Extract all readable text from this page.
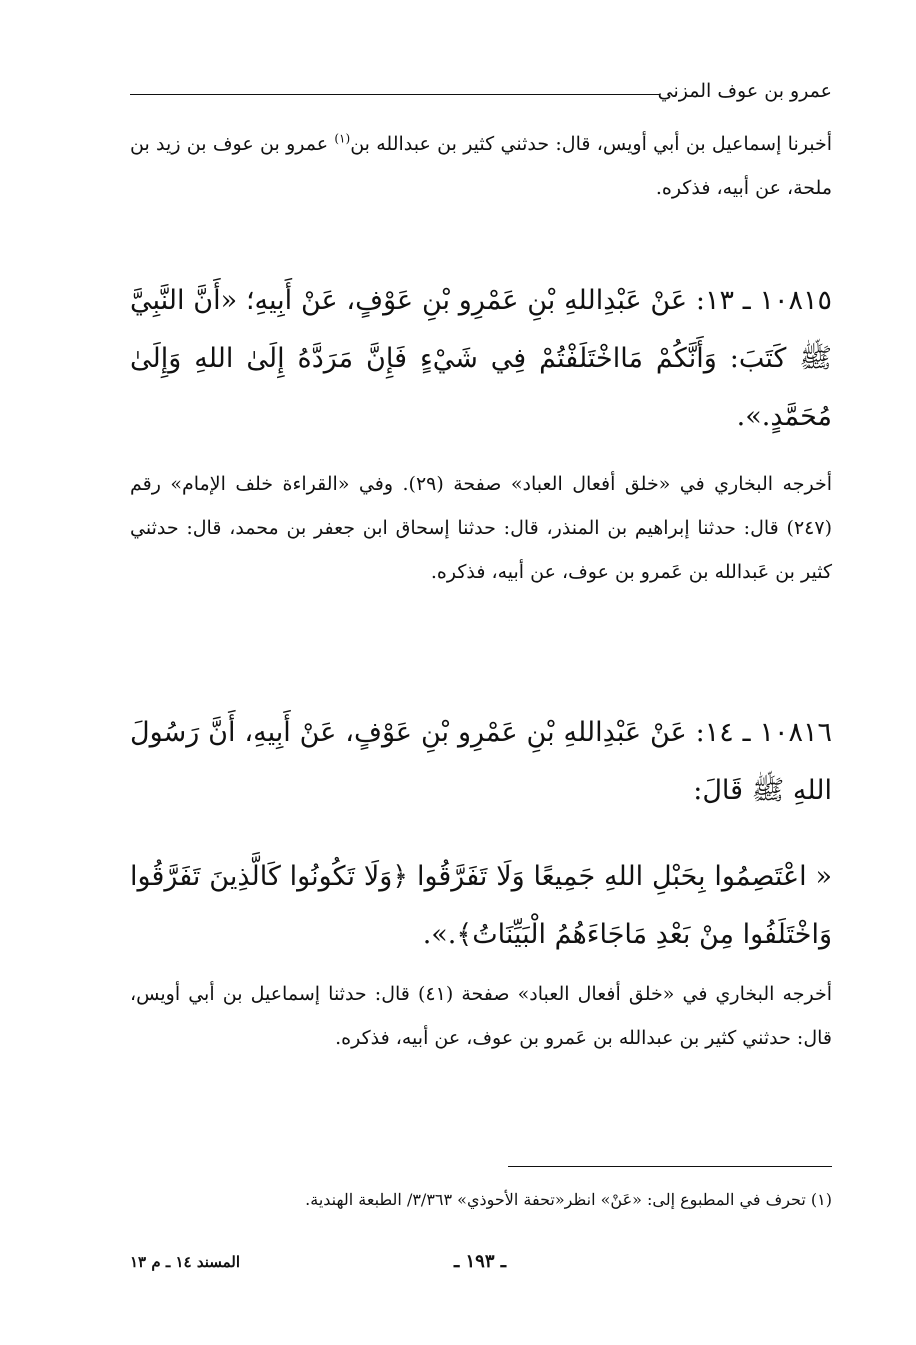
عمرو بن عوف المزني
أخبرنا إسماعيل بن أبي أويس، قال: حدثني كثير بن عبدالله بن$^{(١)}$ عمرو بن عوف بن زيد بن ملحة، عن أبيه، فذكره.
١٠٨١٥ ـ ١٣: عَنْ عَبْدِاللهِ بْنِ عَمْرِو بْنِ عَوْفٍ، عَنْ أَبِيهِ؛ «أَنَّ النَّبِيَّ ﷺ كَتَبَ: وَأَنَّكُمْ مَااخْتَلَفْتُمْ فِي شَيْءٍ فَإِنَّ مَرَدَّهُ إِلَىٰ اللهِ وَإِلَىٰ مُحَمَّدٍ.».
أخرجه البخاري في «خلق أفعال العباد» صفحة (٢٩). وفي «القراءة خلف الإمام» رقم (٢٤٧) قال: حدثنا إبراهيم بن المنذر، قال: حدثنا إسحاق ابن جعفر بن محمد، قال: حدثني كثير بن عَبدالله بن عَمرو بن عوف، عن أبيه، فذكره.
١٠٨١٦ ـ ١٤: عَنْ عَبْدِاللهِ بْنِ عَمْرِو بْنِ عَوْفٍ، عَنْ أَبِيهِ، أَنَّ رَسُولَ اللهِ ﷺ قَالَ:
« اعْتَصِمُوا بِحَبْلِ اللهِ جَمِيعًا وَلَا تَفَرَّقُوا ﴿وَلَا تَكُونُوا كَالَّذِينَ تَفَرَّقُوا وَاخْتَلَفُوا مِنْ بَعْدِ مَاجَاءَهُمُ الْبَيِّنَاتُ﴾.».
أخرجه البخاري في «خلق أفعال العباد» صفحة (٤١) قال: حدثنا إسماعيل بن أبي أويس، قال: حدثني كثير بن عبدالله بن عَمرو بن عوف، عن أبيه، فذكره.
(١) تحرف في المطبوع إلى: «عَنْ» انظر«تحفة الأحوذي» ٣/٣٦٣/ الطبعة الهندية.
ـ ١٩٣ ـ
المسند ١٤ ـ م ١٣
